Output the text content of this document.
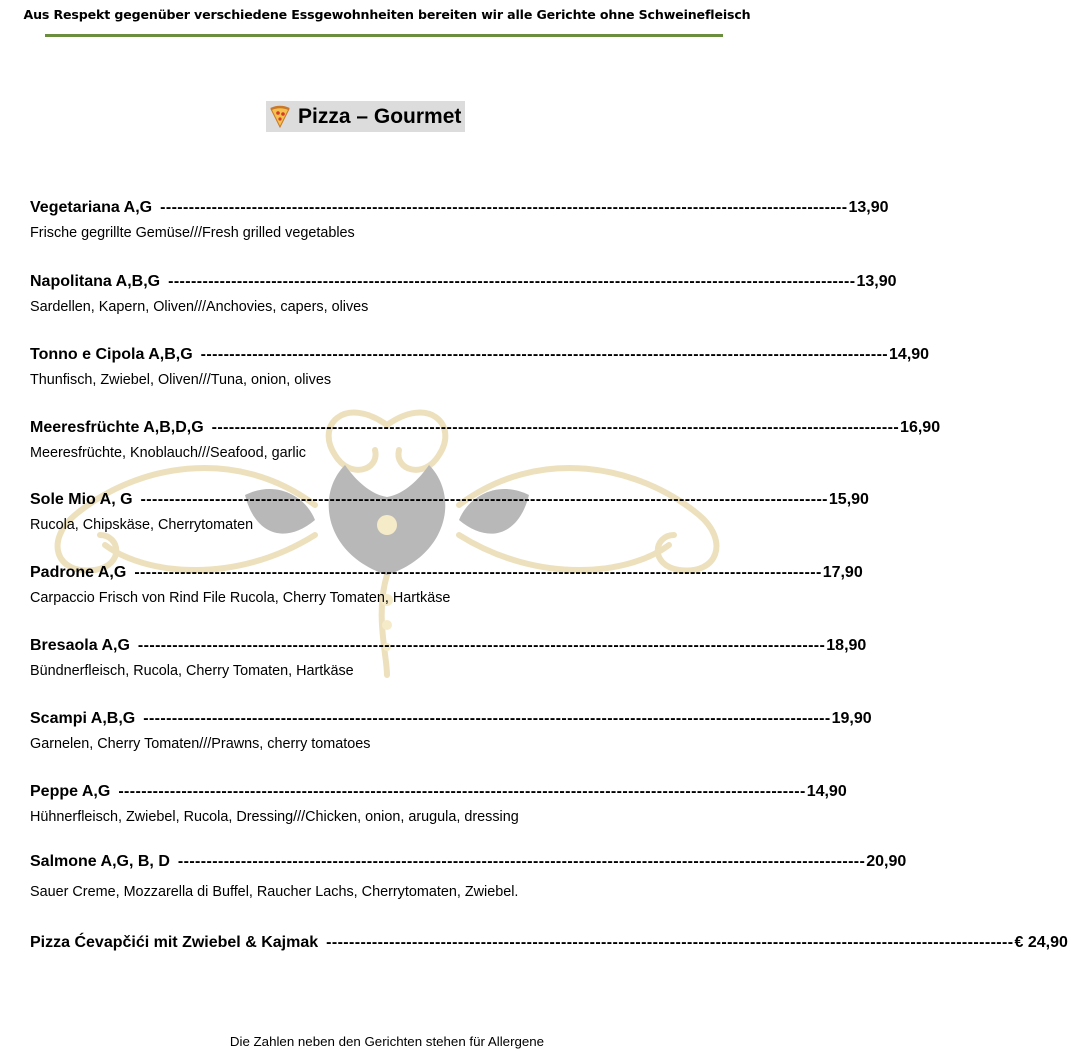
Aus Respekt gegenüber verschiedene Essgewohnheiten bereiten wir alle Gerichte ohne Schweinefleisch
Pizza – Gourmet
Vegetariana A,G ------------------------------------------------------------------------------------------------------------------------ 13,90
Frische gegrillte Gemüse///Fresh grilled vegetables
Napolitana A,B,G ------------------------------------------------------------------------------------------------------------------------ 13,90
Sardellen, Kapern, Oliven///Anchovies, capers, olives
Tonno e Cipola A,B,G ------------------------------------------------------------------------------------------------------------------------ 14,90
Thunfisch, Zwiebel, Oliven///Tuna, onion, olives
Meeresfrüchte A,B,D,G ------------------------------------------------------------------------------------------------------------------------ 16,90
Meeresfrüchte, Knoblauch///Seafood, garlic
Sole Mio A, G ------------------------------------------------------------------------------------------------------------------------ 15,90
Rucola, Chipskäse, Cherrytomaten
Padrone A,G ------------------------------------------------------------------------------------------------------------------------ 17,90
Carpaccio Frisch von Rind File Rucola, Cherry Tomaten, Hartkäse
Bresaola A,G ------------------------------------------------------------------------------------------------------------------------ 18,90
Bündnerfleisch, Rucola, Cherry Tomaten, Hartkäse
Scampi A,B,G ------------------------------------------------------------------------------------------------------------------------ 19,90
Garnelen, Cherry Tomaten///Prawns, cherry tomatoes
Peppe A,G ------------------------------------------------------------------------------------------------------------------------ 14,90
Hühnerfleisch, Zwiebel, Rucola, Dressing///Chicken, onion, arugula, dressing
Salmone A,G, B, D ------------------------------------------------------------------------------------------------------------------------ 20,90
Sauer Creme, Mozzarella di Buffel, Raucher Lachs, Cherrytomaten, Zwiebel.
Pizza Ćevapčići mit Zwiebel & Kajmak ------------------------------------------------------------------------------------------------------------------------ € 24,90
Die Zahlen neben den Gerichten stehen für Allergene
